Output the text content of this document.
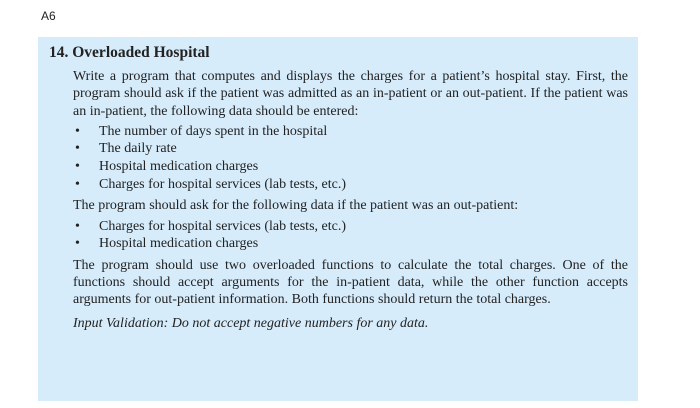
A6
14. Overloaded Hospital

Write a program that computes and displays the charges for a patient’s hospital stay. First, the program should ask if the patient was admitted as an in-patient or an out-patient. If the patient was an in-patient, the following data should be entered:

• The number of days spent in the hospital
• The daily rate
• Hospital medication charges
• Charges for hospital services (lab tests, etc.)

The program should ask for the following data if the patient was an out-patient:

• Charges for hospital services (lab tests, etc.)
• Hospital medication charges

The program should use two overloaded functions to calculate the total charges. One of the functions should accept arguments for the in-patient data, while the other function accepts arguments for out-patient information. Both functions should return the total charges.

Input Validation: Do not accept negative numbers for any data.
